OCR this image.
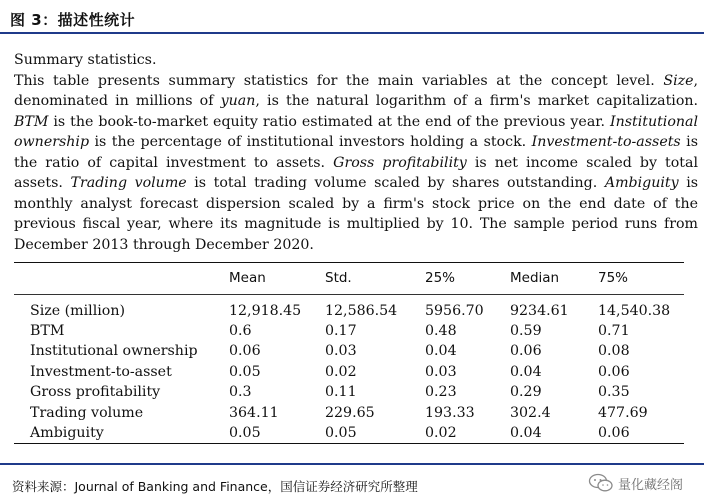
图 3：描述性统计
Summary statistics.
This table presents summary statistics for the main variables at the concept level. Size, denominated in millions of yuan, is the natural logarithm of a firm's market capitalization. BTM is the book-to-market equity ratio estimated at the end of the previous year. Institutional ownership is the percentage of institutional investors holding a stock. Investment-to-assets is the ratio of capital investment to assets. Gross profitability is net income scaled by total assets. Trading volume is total trading volume scaled by shares outstanding. Ambiguity is monthly analyst forecast dispersion scaled by a firm's stock price on the end date of the previous fiscal year, where its magnitude is multiplied by 10. The sample period runs from December 2013 through December 2020.
Mean	Std.	25%	Median	75%
Size (million)	12,918.45 12,586.54 5956.70 9234.61 14,540.38
BTM	0.6	0.17	0.48	0.59	0.71
Institutional ownership 0.06	0.03	0.04	0.06	0.08
Investment-to-asset	0.05	0.02	0.03	0.04	0.06
Gross profitability	0.3	0.11	0.23	0.29	0.35
Trading volume	364.11	229.65	193.33 302.4	477.69
Ambiguity	0.05	0.05	0.02	0.04	0.06
资料来源：Journal of Banking and Finance，国信证券经济研究所整理	量化藏经阁
